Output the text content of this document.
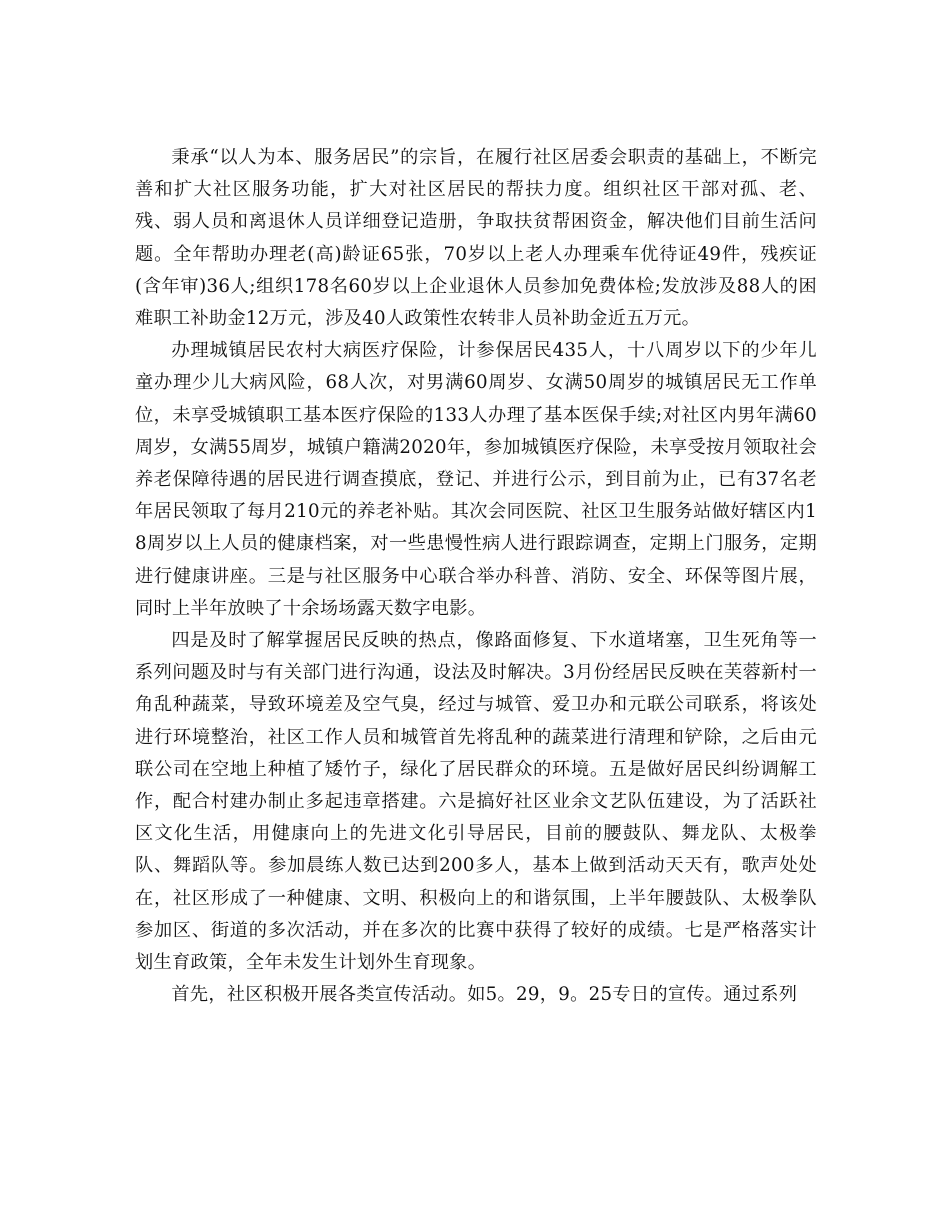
秉承“以人为本、服务居民”的宗旨，在履行社区居委会职责的基础上，不断完善和扩大社区服务功能，扩大对社区居民的帮扶力度。组织社区干部对孤、老、残、弱人员和离退休人员详细登记造册，争取扶贫帮困资金，解决他们目前生活问题。全年帮助办理老(高)龄证65张，70岁以上老人办理乘车优待证49件，残疾证(含年审)36人;组织178名60岁以上企业退休人员参加免费体检;发放涉及88人的困难职工补助金12万元，涉及40人政策性农转非人员补助金近五万元。

办理城镇居民农村大病医疗保险，计参保居民435人，十八周岁以下的少年儿童办理少儿大病风险，68人次，对男满60周岁、女满50周岁的城镇居民无工作单位，未享受城镇职工基本医疗保险的133人办理了基本医保手续;对社区内男年满60周岁，女满55周岁，城镇户籍满2020年，参加城镇医疗保险，未享受按月领取社会养老保障待遇的居民进行调查摸底，登记、并进行公示，到目前为止，已有37名老年居民领取了每月210元的养老补贴。其次会同医院、社区卫生服务站做好辖区内18周岁以上人员的健康档案，对一些患慢性病人进行跟踪调查，定期上门服务，定期进行健康讲座。三是与社区服务中心联合举办科普、消防、安全、环保等图片展，同时上半年放映了十余场场露天数字电影。

四是及时了解掌握居民反映的热点，像路面修复、下水道堵塞，卫生死角等一系列问题及时与有关部门进行沟通，设法及时解决。3月份经居民反映在芙蓉新村一角乱种蔬菜，导致环境差及空气臭，经过与城管、爱卫办和元联公司联系，将该处进行环境整治，社区工作人员和城管首先将乱种的蔬菜进行清理和铲除，之后由元联公司在空地上种植了矮竹子，绿化了居民群众的环境。五是做好居民纠纷调解工作，配合村建办制止多起违章搭建。六是搞好社区业余文艺队伍建设，为了活跃社区文化生活，用健康向上的先进文化引导居民，目前的腰鼓队、舞龙队、太极拳队、舞蹈队等。参加晨练人数已达到200多人，基本上做到活动天天有，歌声处处在，社区形成了一种健康、文明、积极向上的和谐氛围，上半年腰鼓队、太极拳队参加区、街道的多次活动，并在多次的比赛中获得了较好的成绩。七是严格落实计划生育政策，全年未发生计划外生育现象。

首先，社区积极开展各类宣传活动。如5。29，9。25专日的宣传。通过系列
